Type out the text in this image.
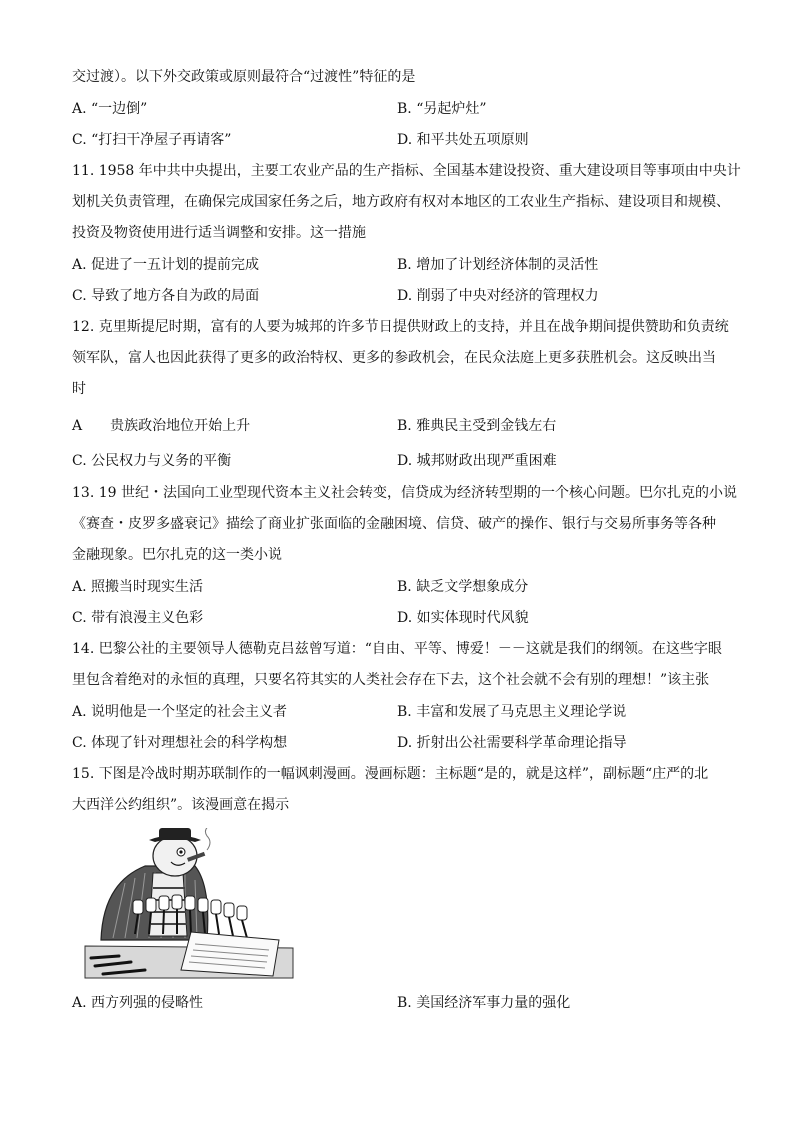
交过渡）。以下外交政策或原则最符合“过渡性”特征的是
A. “一边倒”	B. “另起炉灶”
C. “打扫干净屋子再请客”	D. 和平共处五项原则
11. 1958 年中共中央提出，主要工农业产品的生产指标、全国基本建设投资、重大建设项目等事项由中央计
划机关负责管理，在确保完成国家任务之后，地方政府有权对本地区的工农业生产指标、建设项目和规模、
投资及物资使用进行适当调整和安排。这一措施
A. 促进了一五计划的提前完成	B. 增加了计划经济体制的灵活性
C. 导致了地方各自为政的局面	D. 削弱了中央对经济的管理权力
12. 克里斯提尼时期，富有的人要为城邦的许多节日提供财政上的支持，并且在战争期间提供赞助和负责统
领军队，富人也因此获得了更多的政治特权、更多的参政机会，在民众法庭上更多获胜机会。这反映出当
时
A　　贵族政治地位开始上升	B. 雅典民主受到金钱左右
C. 公民权力与义务的平衡	D. 城邦财政出现严重困难
13. 19 世纪・法国向工业型现代资本主义社会转变，信贷成为经济转型期的一个核心问题。巴尔扎克的小说
《赛查・皮罗多盛衰记》描绘了商业扩张面临的金融困境、信贷、破产的操作、银行与交易所事务等各种
金融现象。巴尔扎克的这一类小说
A. 照搬当时现实生活	B. 缺乏文学想象成分
C. 带有浪漫主义色彩	D. 如实体现时代风貌
14. 巴黎公社的主要领导人德勒克吕兹曾写道：“自由、平等、博爱！－－这就是我们的纲领。在这些字眼
里包含着绝对的永恒的真理，只要名符其实的人类社会存在下去，这个社会就不会有别的理想！”该主张
A. 说明他是一个坚定的社会主义者	B. 丰富和发展了马克思主义理论学说
C. 体现了针对理想社会的科学构想	D. 折射出公社需要科学革命理论指导
15. 下图是冷战时期苏联制作的一幅讽刺漫画。漫画标题：主标题“是的，就是这样”，副标题“庄严的北
大西洋公约组织”。该漫画意在揭示
A. 西方列强的侵略性	B. 美国经济军事力量的强化
